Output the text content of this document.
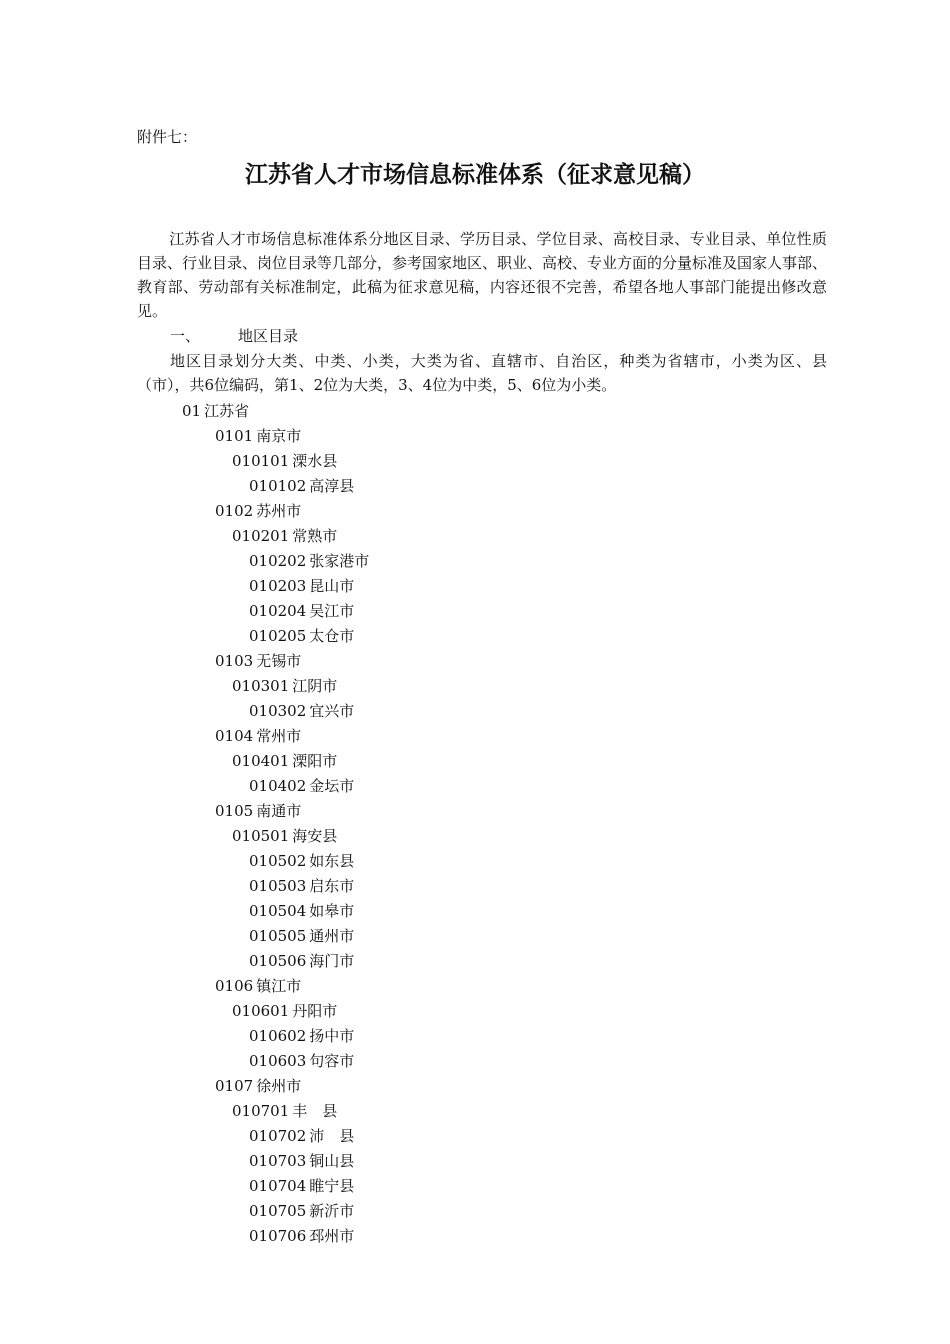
附件七：
江苏省人才市场信息标准体系（征求意见稿）
江苏省人才市场信息标准体系分地区目录、学历目录、学位目录、高校目录、专业目录、单位性质目录、行业目录、岗位目录等几部分，参考国家地区、职业、高校、专业方面的分量标准及国家人事部、教育部、劳动部有关标准制定，此稿为征求意见稿，内容还很不完善，希望各地人事部门能提出修改意见。
一、	地区目录
地区目录划分大类、中类、小类，大类为省、直辖市、自治区，种类为省辖市，小类为区、县（市），共6位编码，第1、2位为大类，3、4位为中类，5、6位为小类。
01 江苏省
0101 南京市
010101 溧水县
010102 高淳县
0102 苏州市
010201 常熟市
010202 张家港市
010203 昆山市
010204 吴江市
010205 太仓市
0103 无锡市
010301 江阴市
010302 宜兴市
0104 常州市
010401 溧阳市
010402 金坛市
0105 南通市
010501 海安县
010502 如东县
010503 启东市
010504 如皋市
010505 通州市
010506 海门市
0106 镇江市
010601 丹阳市
010602 扬中市
010603 句容市
0107 徐州市
010701 丰　县
010702 沛　县
010703 铜山县
010704 睢宁县
010705 新沂市
010706 邳州市
